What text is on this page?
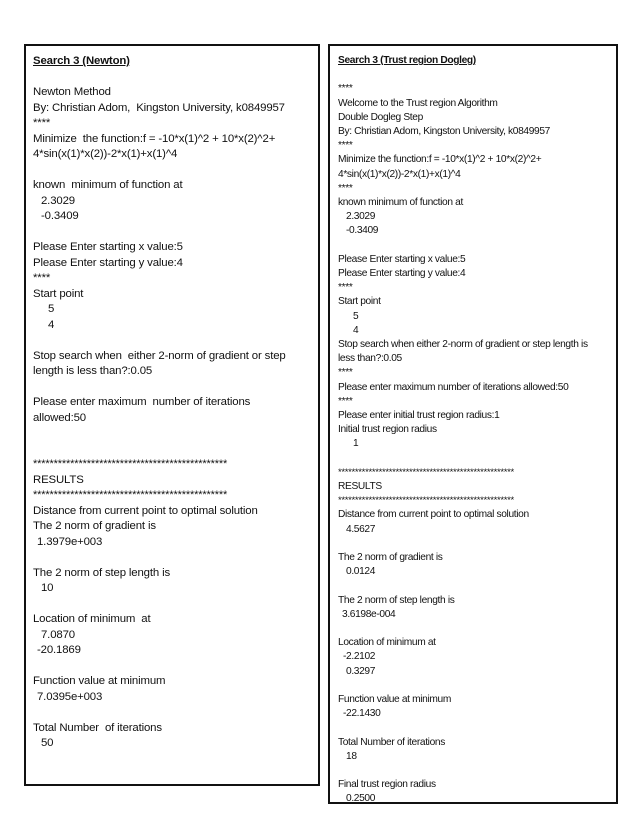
Search 3 (Newton)
Newton Method
By: Christian Adom,  Kingston University, k0849957
****
Minimize  the function:f = -10*x(1)^2 + 10*x(2)^2+
4*sin(x(1)*x(2))-2*x(1)+x(1)^4
known  minimum of function at
2.3029
-0.3409
Please Enter starting x value:5
Please Enter starting y value:4
****
Start point
5
4
Stop search when  either 2-norm of gradient or step
length is less than?:0.05
Please enter maximum  number of iterations
allowed:50
***********************************************
RESULTS
***********************************************
Distance from current point to optimal solution
The 2 norm of gradient is
1.3979e+003
The 2 norm of step length is
10
Location of minimum  at
7.0870
-20.1869
Function value at minimum
7.0395e+003
Total Number  of iterations
50
Search 3 (Trust region Dogleg)
****
Welcome to the Trust region Algorithm
Double Dogleg Step
By: Christian Adom, Kingston University, k0849957
****
Minimize the function:f = -10*x(1)^2 + 10*x(2)^2+
4*sin(x(1)*x(2))-2*x(1)+x(1)^4
****
known minimum of function at
2.3029
-0.3409
Please Enter starting x value:5
Please Enter starting y value:4
****
Start point
5
4
Stop search when either 2-norm of gradient or step length is
less than?:0.05
****
Please enter maximum number of iterations allowed:50
****
Please enter initial trust region radius:1
Initial trust region radius
1
****************************************************
RESULTS
****************************************************
Distance from current point to optimal solution
4.5627
The 2 norm of gradient is
0.0124
The 2 norm of step length is
3.6198e-004
Location of minimum at
-2.2102
0.3297
Function value at minimum
-22.1430
Total Number of iterations
18
Final trust region radius
0.2500
